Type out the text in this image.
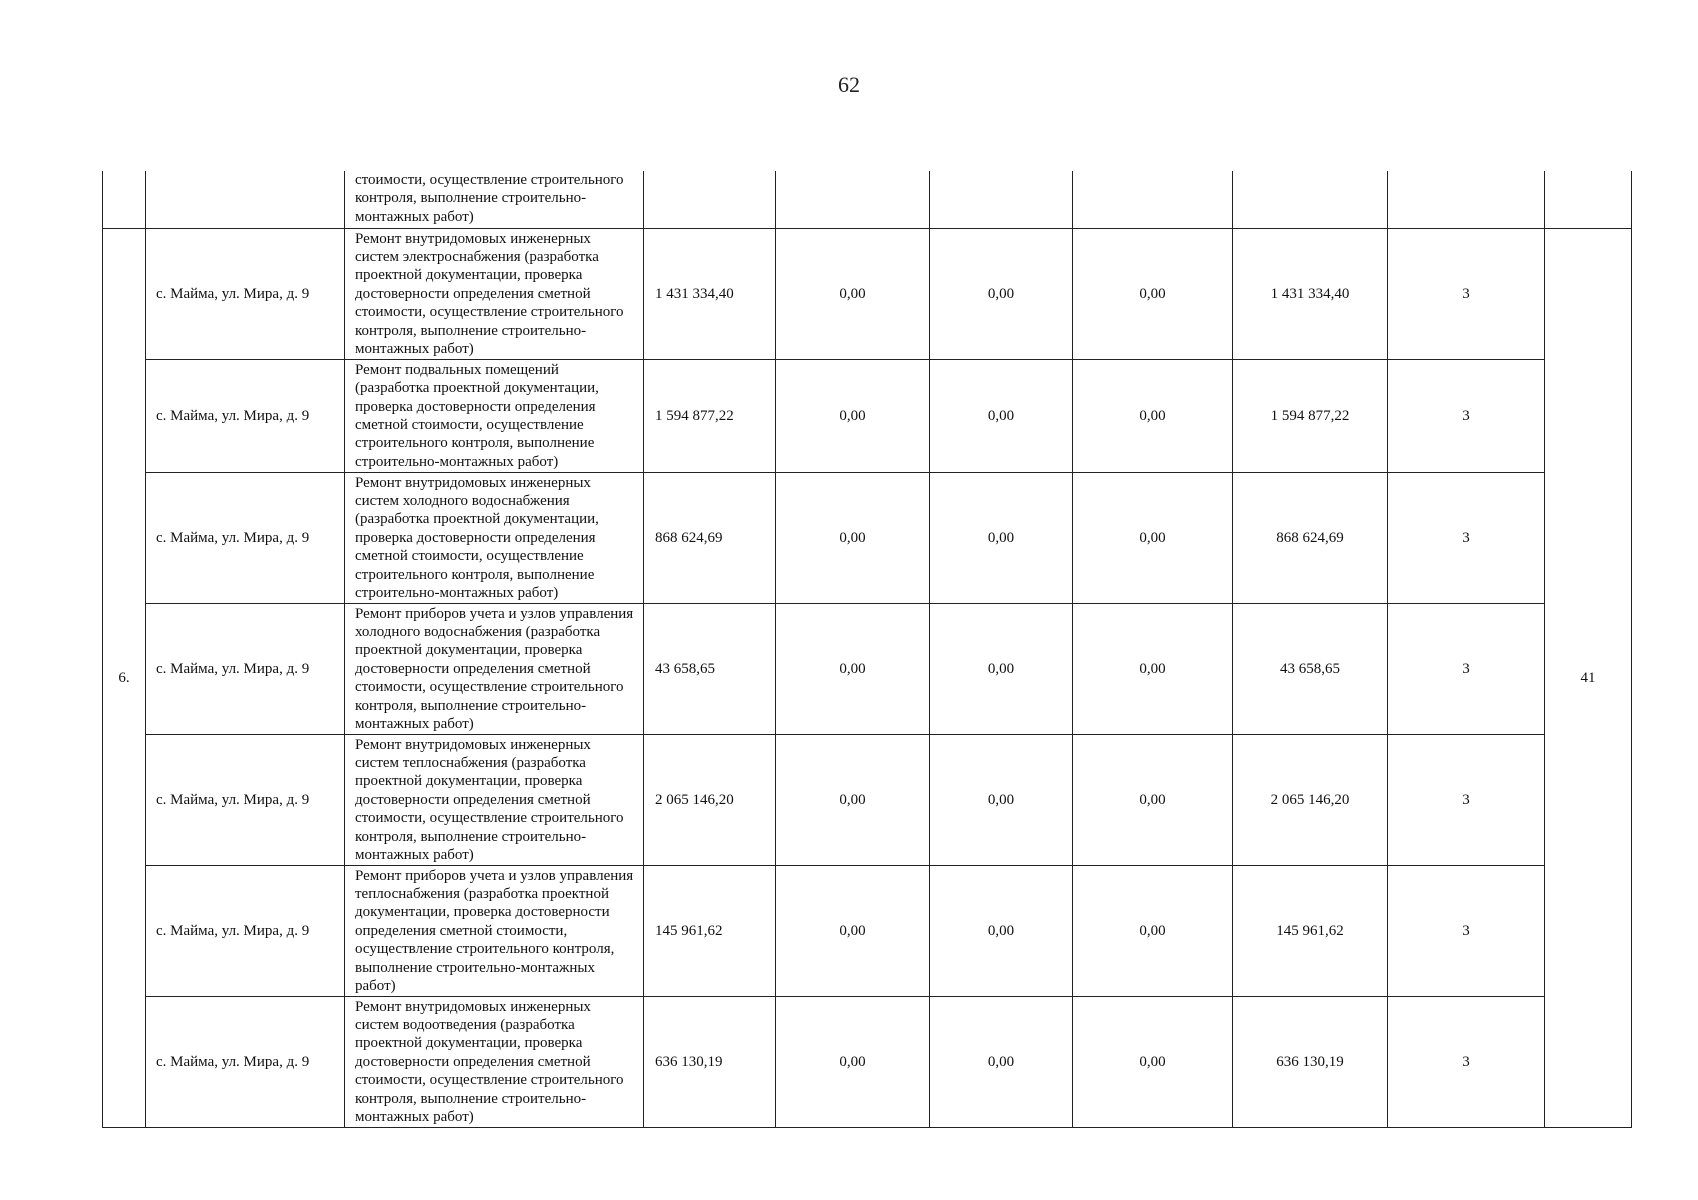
62
		стоимости, осуществление строительного контроля, выполнение строительно-монтажных работ)							
6.	с. Майма, ул. Мира, д. 9	Ремонт внутридомовых инженерных систем электроснабжения (разработка проектной документации, проверка достоверности определения сметной стоимости, осуществление строительного контроля, выполнение строительно-монтажных работ)	1 431 334,40	0,00	0,00	0,00	1 431 334,40	3	41
	с. Майма, ул. Мира, д. 9	Ремонт подвальных помещений (разработка проектной документации, проверка достоверности определения сметной стоимости, осуществление строительного контроля, выполнение строительно-монтажных работ)	1 594 877,22	0,00	0,00	0,00	1 594 877,22	3	
	с. Майма, ул. Мира, д. 9	Ремонт внутридомовых инженерных систем холодного водоснабжения (разработка проектной документации, проверка достоверности определения сметной стоимости, осуществление строительного контроля, выполнение строительно-монтажных работ)	868 624,69	0,00	0,00	0,00	868 624,69	3	
	с. Майма, ул. Мира, д. 9	Ремонт приборов учета и узлов управления холодного водоснабжения (разработка проектной документации, проверка достоверности определения сметной стоимости, осуществление строительного контроля, выполнение строительно-монтажных работ)	43 658,65	0,00	0,00	0,00	43 658,65	3	
	с. Майма, ул. Мира, д. 9	Ремонт внутридомовых инженерных систем теплоснабжения (разработка проектной документации, проверка достоверности определения сметной стоимости, осуществление строительного контроля, выполнение строительно-монтажных работ)	2 065 146,20	0,00	0,00	0,00	2 065 146,20	3	
	с. Майма, ул. Мира, д. 9	Ремонт приборов учета и узлов управления теплоснабжения (разработка проектной документации, проверка достоверности определения сметной стоимости, осуществление строительного контроля, выполнение строительно-монтажных работ)	145 961,62	0,00	0,00	0,00	145 961,62	3	
	с. Майма, ул. Мира, д. 9	Ремонт внутридомовых инженерных систем водоотведения (разработка проектной документации, проверка достоверности определения сметной стоимости, осуществление строительного контроля, выполнение строительно-монтажных работ)	636 130,19	0,00	0,00	0,00	636 130,19	3	
